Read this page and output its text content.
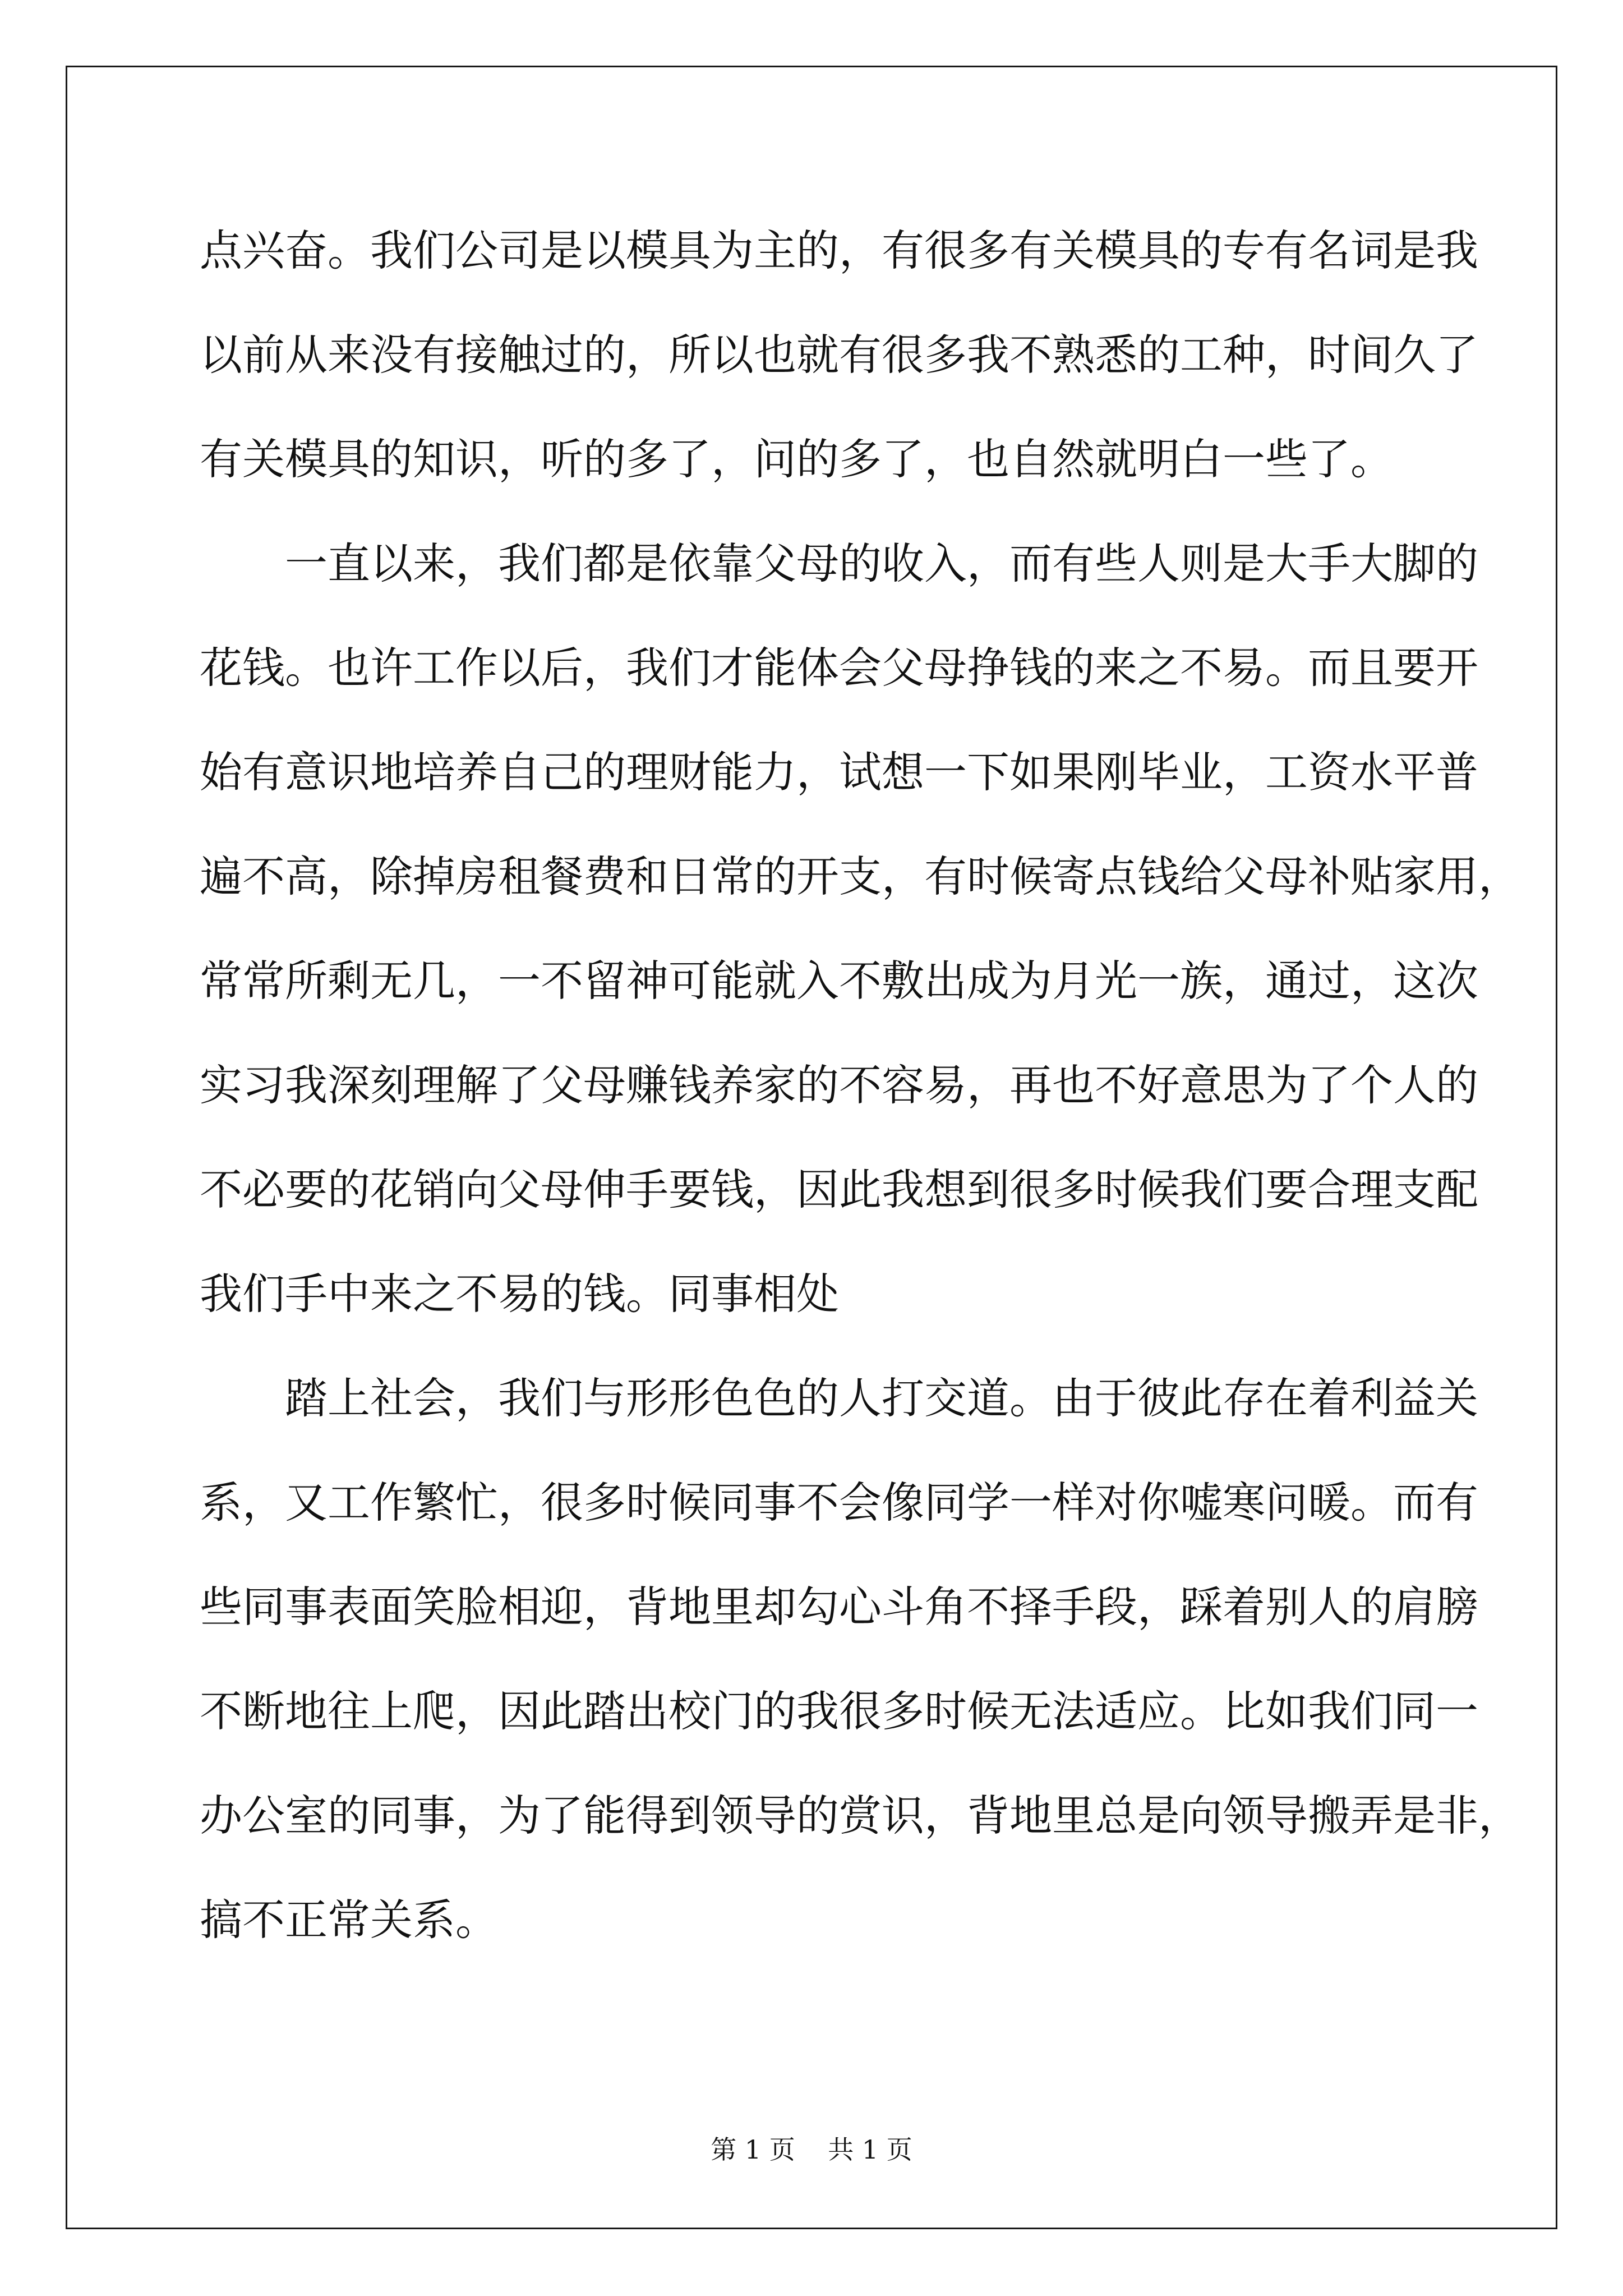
点兴奋。我们公司是以模具为主的，有很多有关模具的专有名词是我
以前从来没有接触过的，所以也就有很多我不熟悉的工种，时间久了
有关模具的知识，听的多了，问的多了，也自然就明白一些了。
一直以来，我们都是依靠父母的收入，而有些人则是大手大脚的
花钱。也许工作以后，我们才能体会父母挣钱的来之不易。而且要开
始有意识地培养自己的理财能力，试想一下如果刚毕业，工资水平普
遍不高，除掉房租餐费和日常的开支，有时候寄点钱给父母补贴家用，
常常所剩无几，一不留神可能就入不敷出成为月光一族，通过，这次
实习我深刻理解了父母赚钱养家的不容易，再也不好意思为了个人的
不必要的花销向父母伸手要钱，因此我想到很多时候我们要合理支配
我们手中来之不易的钱。同事相处
踏上社会，我们与形形色色的人打交道。由于彼此存在着利益关
系，又工作繁忙，很多时候同事不会像同学一样对你嘘寒问暖。而有
些同事表面笑脸相迎，背地里却勾心斗角不择手段，踩着别人的肩膀
不断地往上爬，因此踏出校门的我很多时候无法适应。比如我们同一
办公室的同事，为了能得到领导的赏识，背地里总是向领导搬弄是非，
搞不正常关系。
第 1 页    共 1 页
